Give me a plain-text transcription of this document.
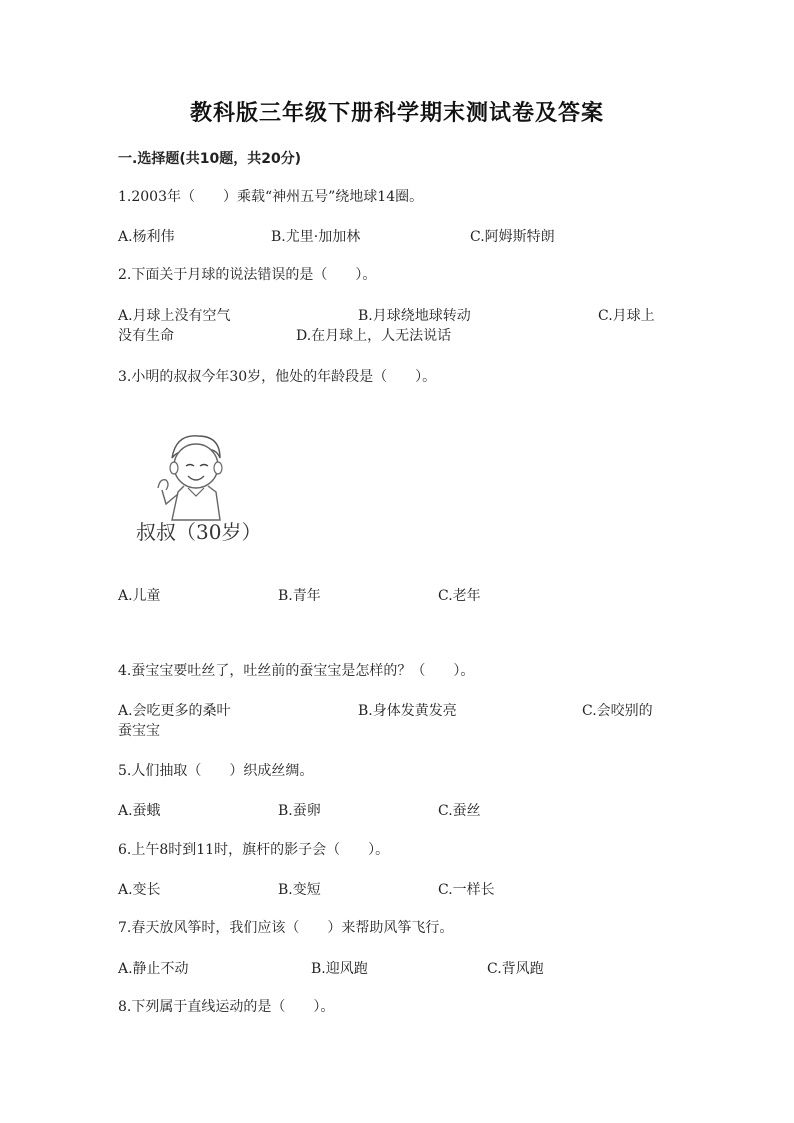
教科版三年级下册科学期末测试卷及答案
一.选择题(共10题，共20分)
1.2003年（　　）乘载“神州五号”绕地球14圈。
A.杨利伟	B.尤里·加加林	C.阿姆斯特朗
2.下面关于月球的说法错误的是（　　）。
A.月球上没有空气	B.月球绕地球转动	C.月球上
没有生命	D.在月球上，人无法说话
3.小明的叔叔今年30岁，他处的年龄段是（　　）。
叔叔（30岁）
A.儿童	B.青年	C.老年
4.蚕宝宝要吐丝了，吐丝前的蚕宝宝是怎样的？（　　）。
A.会吃更多的桑叶	B.身体发黄发亮	C.会咬别的
蚕宝宝
5.人们抽取（　　）织成丝绸。
A.蚕蛾	B.蚕卵	C.蚕丝
6.上午8时到11时，旗杆的影子会（　　）。
A.变长	B.变短	C.一样长
7.春天放风筝时，我们应该（　　）来帮助风筝飞行。
A.静止不动	B.迎风跑	C.背风跑
8.下列属于直线运动的是（　　）。
